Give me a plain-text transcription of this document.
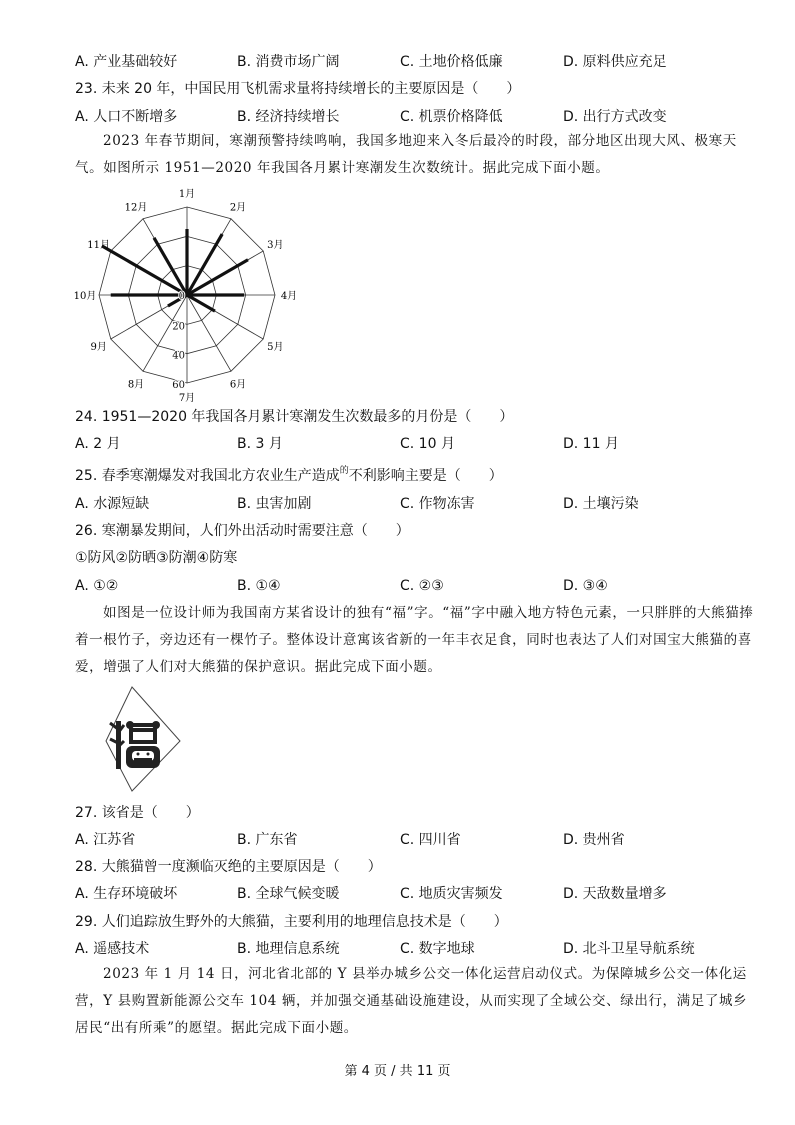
A. 产业基础较好	B. 消费市场广阔	C. 土地价格低廉	D. 原料供应充足
23. 未来 20 年，中国民用飞机需求量将持续增长的主要原因是（　　）
A. 人口不断增多	B. 经济持续增长	C. 机票价格降低	D. 出行方式改变
2023 年春节期间，寒潮预警持续鸣响，我国多地迎来入冬后最冷的时段，部分地区出现大风、极寒天气。如图所示 1951—2020 年我国各月累计寒潮发生次数统计。据此完成下面小题。
1月
2月
3月
4月
5月
6月
7月
8月
9月
10月
11月
12月
0
20
40
60
24. 1951—2020 年我国各月累计寒潮发生次数最多的月份是（　　）
A. 2 月	B. 3 月	C. 10 月	D. 11 月
25. 春季寒潮爆发对我国北方农业生产造成$^的$不利影响主要是（　　）
A. 水源短缺	B. 虫害加剧	C. 作物冻害	D. 土壤污染
26. 寒潮暴发期间，人们外出活动时需要注意（　　）
①防风②防晒③防潮④防寒
A. ①②	B. ①④	C. ②③	D. ③④
如图是一位设计师为我国南方某省设计的独有“福”字。“福”字中融入地方特色元素，一只胖胖的大熊猫捧着一根竹子，旁边还有一棵竹子。整体设计意寓该省新的一年丰衣足食，同时也表达了人们对国宝大熊猫的喜爱，增强了人们对大熊猫的保护意识。据此完成下面小题。
27. 该省是（　　）
A. 江苏省	B. 广东省	C. 四川省	D. 贵州省
28. 大熊猫曾一度濒临灭绝的主要原因是（　　）
A. 生存环境破坏	B. 全球气候变暖	C. 地质灾害频发	D. 天敌数量增多
29. 人们追踪放生野外的大熊猫，主要利用的地理信息技术是（　　）
A. 遥感技术	B. 地理信息系统	C. 数字地球	D. 北斗卫星导航系统
2023 年 1 月 14 日，河北省北部的 Y 县举办城乡公交一体化运营启动仪式。为保障城乡公交一体化运营，Y 县购置新能源公交车 104 辆，并加强交通基础设施建设，从而实现了全域公交、绿出行，满足了城乡居民“出有所乘”的愿望。据此完成下面小题。
第 4 页 / 共 11 页
